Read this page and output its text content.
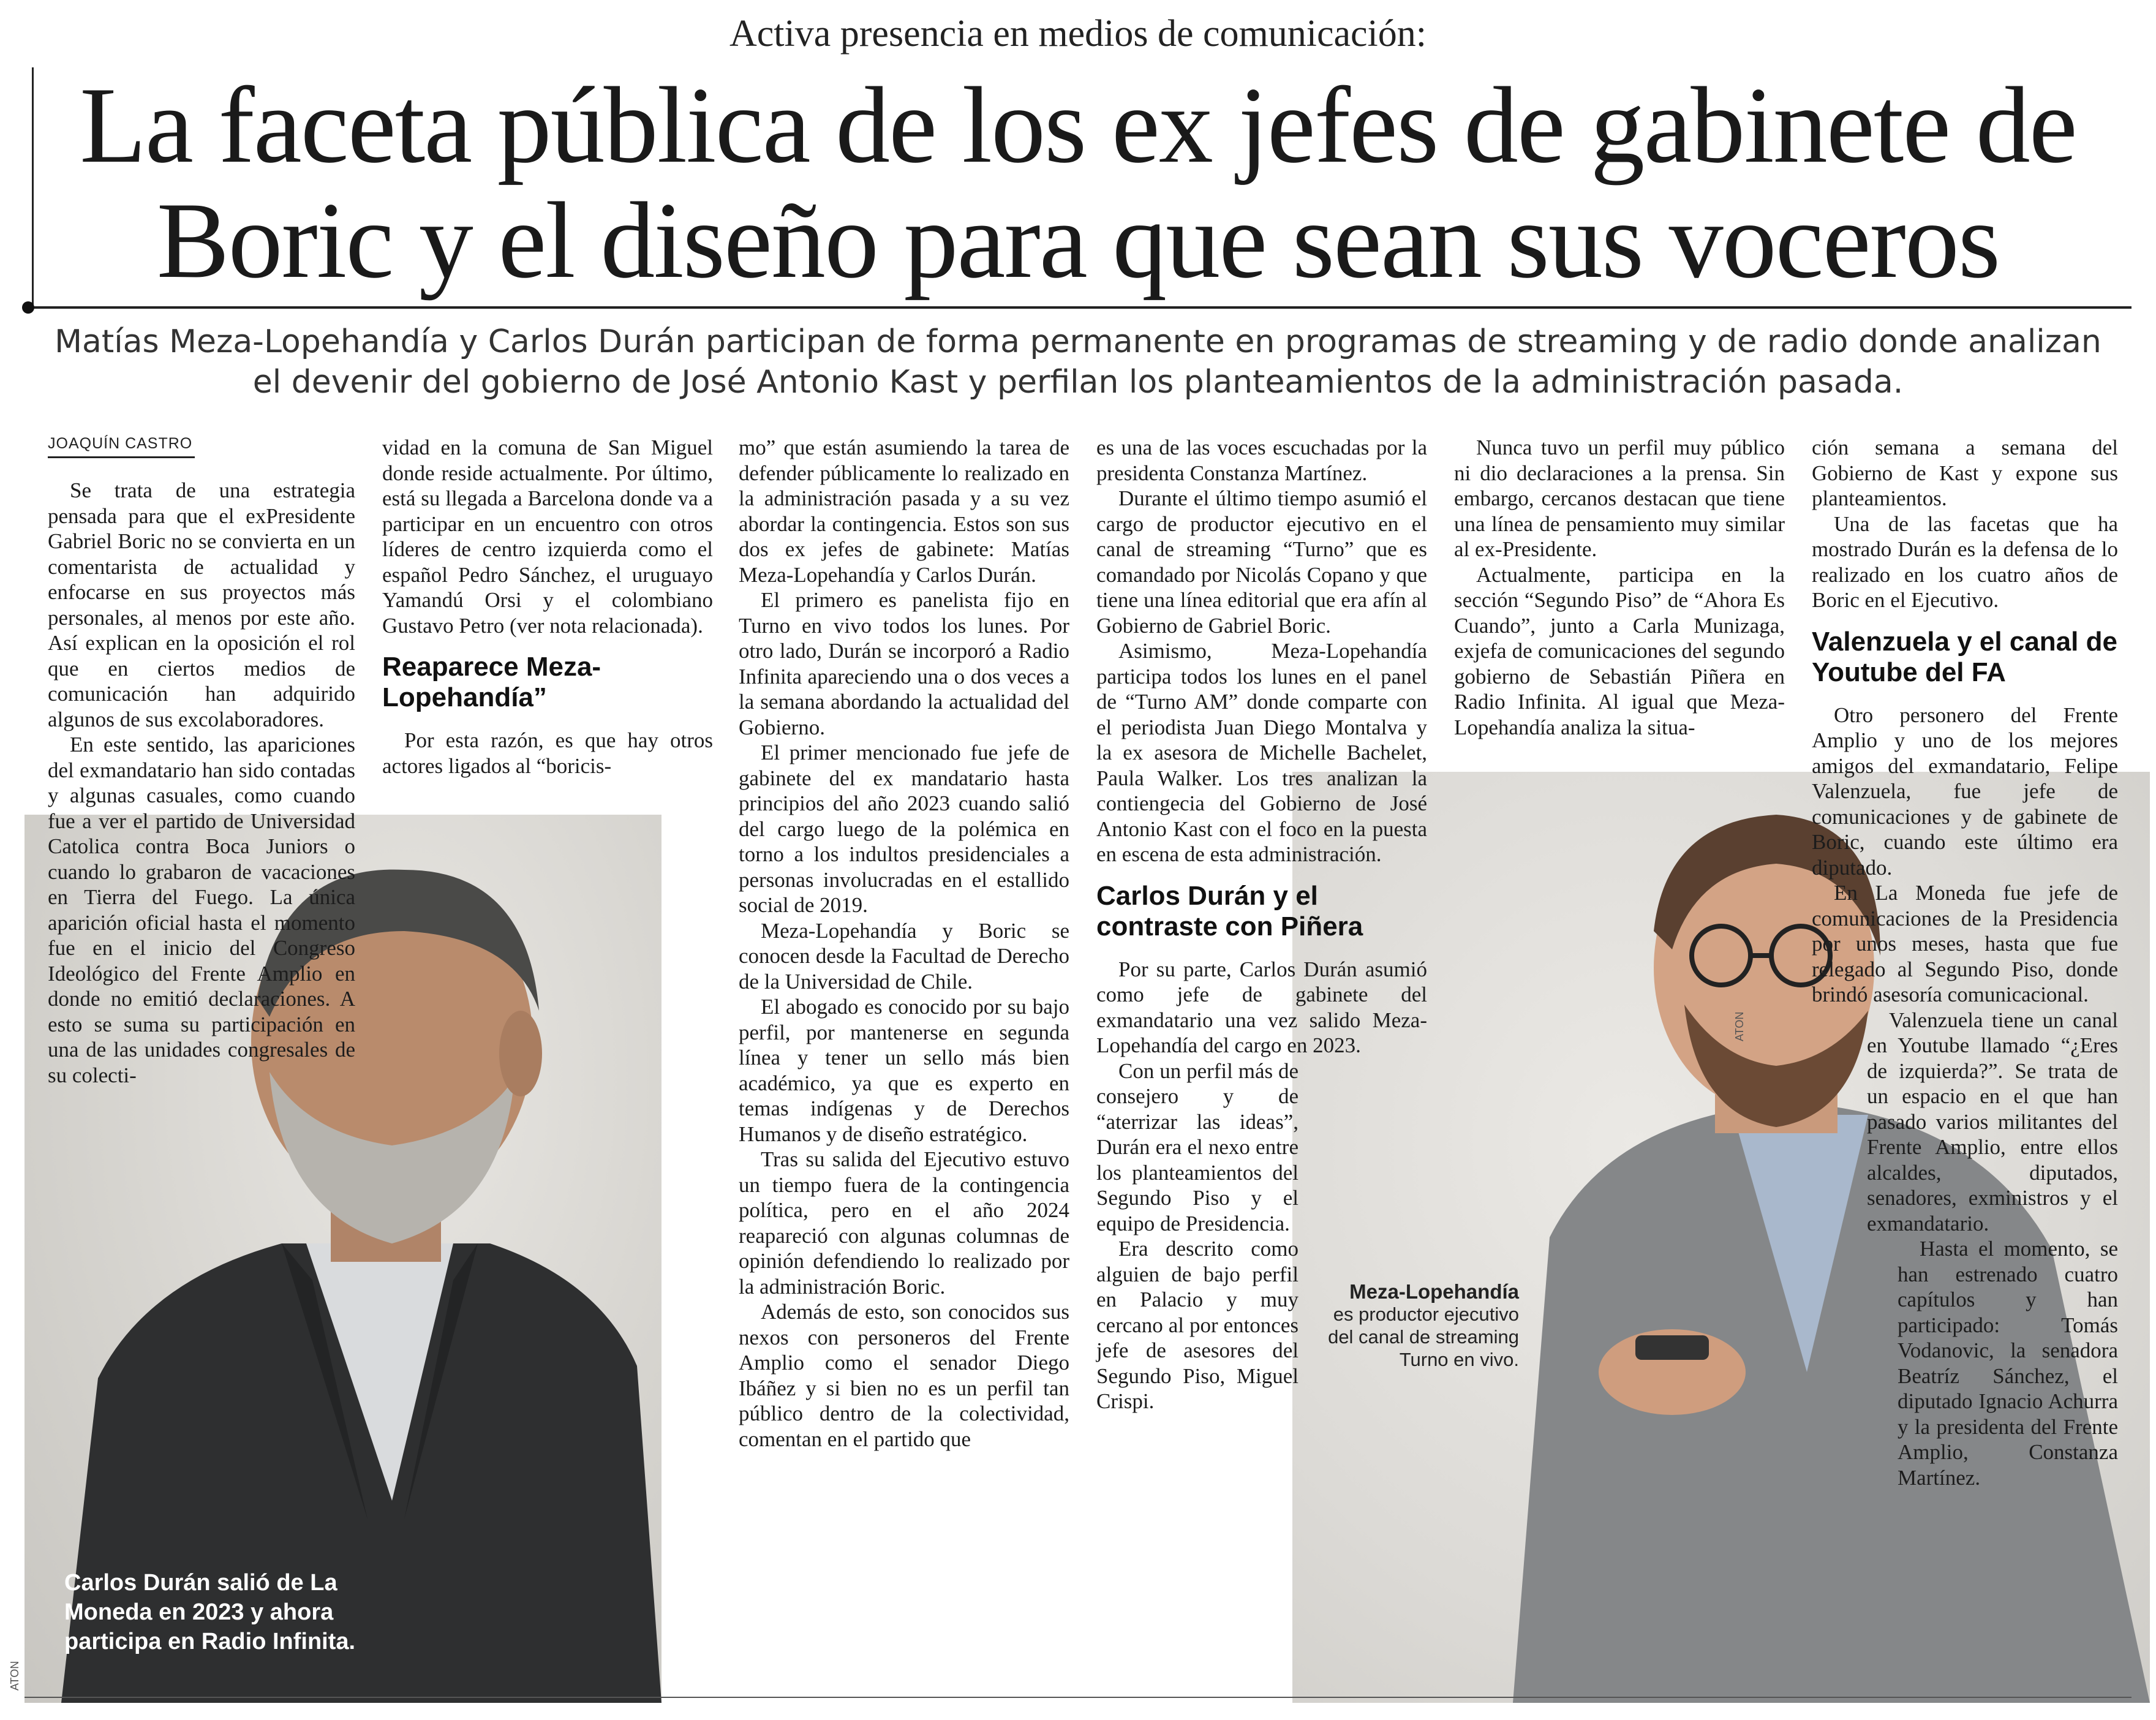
Activa presencia en medios de comunicación:
La faceta pública de los ex jefes de gabinete de Boric y el diseño para que sean sus voceros
Matías Meza-Lopehandía y Carlos Durán participan de forma permanente en programas de streaming y de radio donde analizan el devenir del gobierno de José Antonio Kast y perfilan los planteamientos de la administración pasada.
JOAQUÍN CASTRO
Carlos Durán salió de La Moneda en 2023 y ahora participa en Radio Infinita.
ATON
ATON
Meza-Lopehandía
es productor ejecutivo del canal de streaming Turno en vivo.

Se trata de una estrategia pensada para que el exPresidente Gabriel Boric no se convierta en un comentarista de actualidad y enfocarse en sus proyectos más personales, al menos por este año. Así explican en la oposición el rol que en ciertos medios de comunicación han adquirido algunos de sus excolaboradores.

En este sentido, las apariciones del exmandatario han sido contadas y algunas casuales, como cuando fue a ver el partido de Universidad Catolica contra Boca Juniors o cuando lo grabaron de vacaciones en Tierra del Fuego. La única aparición oficial hasta el momento fue en el inicio del Congreso Ideológico del Frente Amplio en donde no emitió declaraciones. A esto se suma su participación en una de las unidades congresales de su colecti-

vidad en la comuna de San Miguel donde reside actualmente. Por último, está su llegada a Barcelona donde va a participar en un encuentro con otros líderes de centro izquierda como el español Pedro Sánchez, el uruguayo Yamandú Orsi y el colombiano Gustavo Petro (ver nota relacionada).

Reaparece Meza-Lopehandía”

Por esta razón, es que hay otros actores ligados al “boricis-

mo” que están asumiendo la tarea de defender públicamente lo realizado en la administración pasada y a su vez abordar la contingencia. Estos son sus dos ex jefes de gabinete: Matías Meza-Lopehandía y Carlos Durán.

El primero es panelista fijo en Turno en vivo todos los lunes. Por otro lado, Durán se incorporó a Radio Infinita apareciendo una o dos veces a la semana abordando la actualidad del Gobierno.

El primer mencionado fue jefe de gabinete del ex mandatario hasta principios del año 2023 cuando salió del cargo luego de la polémica en torno a los indultos presidenciales a personas involucradas en el estallido social de 2019.

Meza-Lopehandía y Boric se conocen desde la Facultad de Derecho de la Universidad de Chile.

El abogado es conocido por su bajo perfil, por mantenerse en segunda línea y tener un sello más bien académico, ya que es experto en temas indígenas y de Derechos Humanos y de diseño estratégico.

Tras su salida del Ejecutivo estuvo un tiempo fuera de la contingencia política, pero en el año 2024 reapareció con algunas columnas de opinión defendiendo lo realizado por la administración Boric.

Además de esto, son conocidos sus nexos con personeros del Frente Amplio como el senador Diego Ibáñez y si bien no es un perfil tan público dentro de la colectividad, comentan en el partido que

es una de las voces escuchadas por la presidenta Constanza Martínez.

Durante el último tiempo asumió el cargo de productor ejecutivo en el canal de streaming “Turno” que es comandado por Nicolás Copano y que tiene una línea editorial que era afín al Gobierno de Gabriel Boric.

Asimismo, Meza-Lopehandía participa todos los lunes en el panel de “Turno AM” donde comparte con el periodista Juan Diego Montalva y la ex asesora de Michelle Bachelet, Paula Walker. Los tres analizan la contiengecia del Gobierno de José Antonio Kast con el foco en la puesta en escena de esta administración.

Carlos Durán y el contraste con Piñera

Por su parte, Carlos Durán asumió como jefe de gabinete del exmandatario una vez salido Meza-Lopehandía del cargo en 2023.

Con un perfil más de consejero y de “aterrizar las ideas”, Durán era el nexo entre los planteamientos del Segundo Piso y el equipo de Presidencia.

Era descrito como alguien de bajo perfil en Palacio y muy cercano al por entonces jefe de asesores del Segundo Piso, Miguel Crispi.

Nunca tuvo un perfil muy público ni dio declaraciones a la prensa. Sin embargo, cercanos destacan que tiene una línea de pensamiento muy similar al ex-Presidente.

Actualmente, participa en la sección “Segundo Piso” de “Ahora Es Cuando”, junto a Carla Munizaga, exjefa de comunicaciones del segundo gobierno de Sebastián Piñera en Radio Infinita. Al igual que Meza-Lopehandía analiza la situa-

ción semana a semana del Gobierno de Kast y expone sus planteamientos.

Una de las facetas que ha mostrado Durán es la defensa de lo realizado en los cuatro años de Boric en el Ejecutivo.

Valenzuela y el canal de Youtube del FA

Otro personero del Frente Amplio y uno de los mejores amigos del exmandatario, Felipe Valenzuela, fue jefe de comunicaciones y de gabinete de Boric, cuando este último era diputado.

En La Moneda fue jefe de comunicaciones de la Presidencia por unos meses, hasta que fue relegado al Segundo Piso, donde brindó asesoría comunicacional.

Valenzuela tiene un canal en Youtube llamado “¿Eres de izquierda?”. Se trata de un espacio en el que han pasado varios militantes del Frente Amplio, entre ellos alcaldes, diputados, senadores, exministros y el exmandatario.

Hasta el momento, se han estrenado cuatro capítulos y han participado: Tomás Vodanovic, la senadora Beatríz Sánchez, el diputado Ignacio Achurra y la presidenta del Frente Amplio, Constanza Martínez.
